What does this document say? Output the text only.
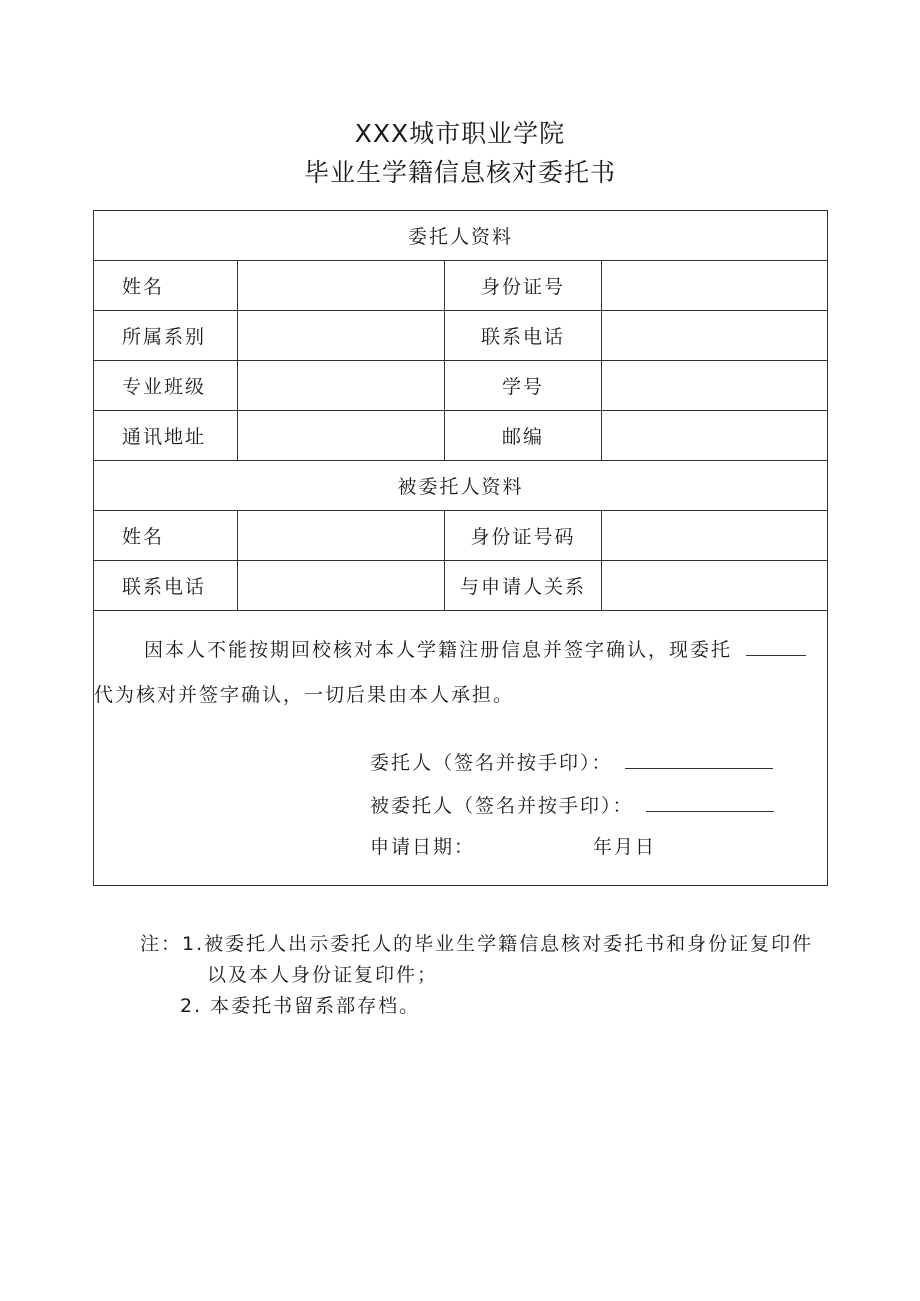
XXX城市职业学院
毕业生学籍信息核对委托书
委托人资料			
姓名		身份证号	
所属系别		联系电话	
专业班级		学号	
通讯地址		邮编	
被委托人资料			
姓名		身份证号码	
联系电话		与申请人关系	

因本人不能按期回校核对本人学籍注册信息并签字确认，现委托
代为核对并签字确认，一切后果由本人承担。
委托人（签名并按手印）：
被委托人（签名并按手印）：
申请日期： 年月日			
注：1.被委托人出示委托人的毕业生学籍信息核对委托书和身份证复印件
以及本人身份证复印件；
2. 本委托书留系部存档。
